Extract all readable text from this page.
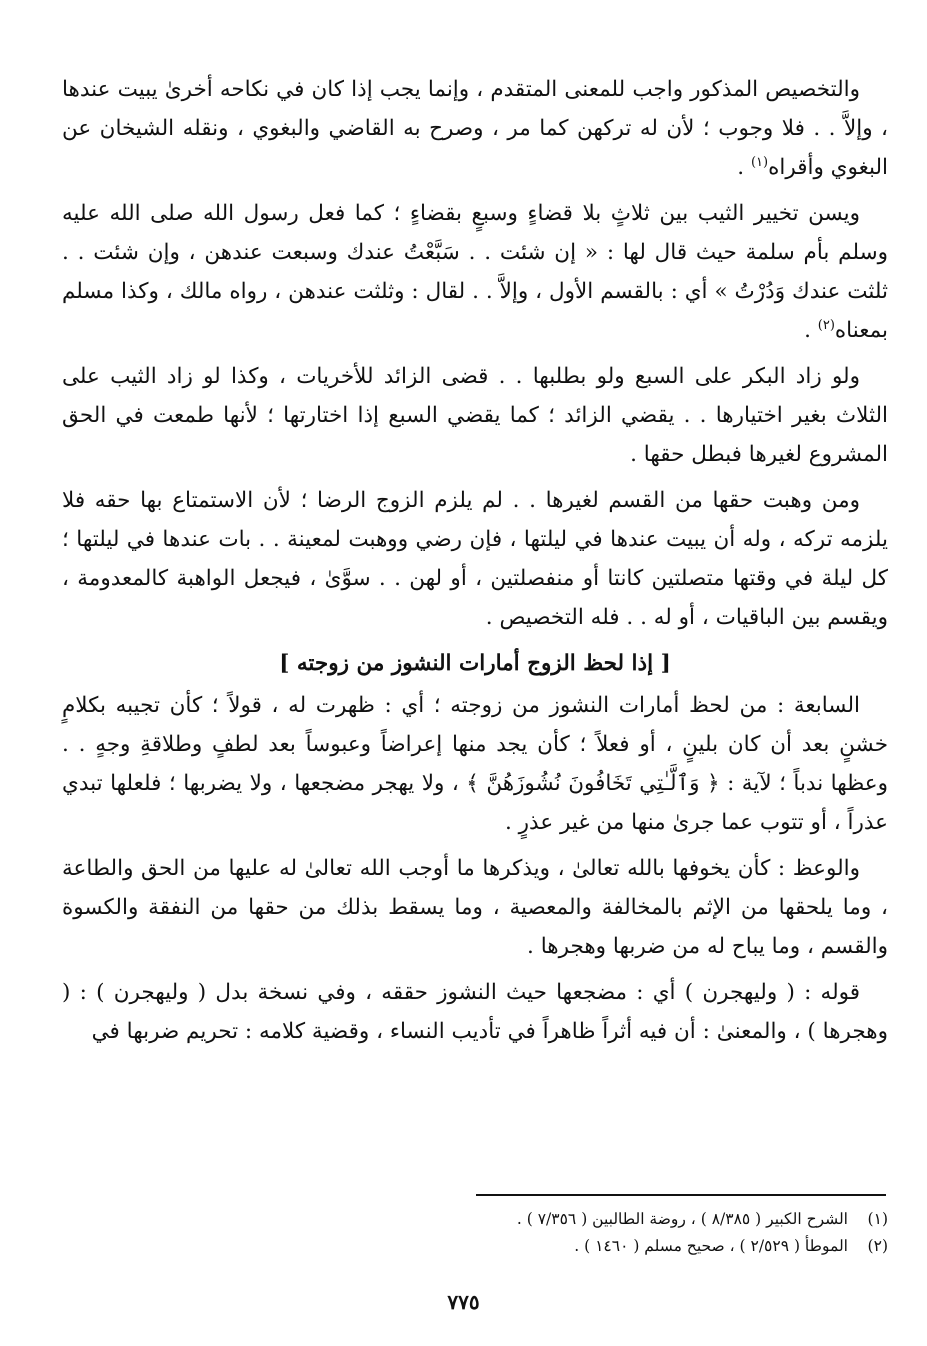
والتخصيص المذكور واجب للمعنى المتقدم ، وإنما يجب إذا كان في نكاحه أخرىٰ يبيت عندها ، وإلاَّ . . فلا وجوب ؛ لأن له تركهن كما مر ، وصرح به القاضي والبغوي ، ونقله الشيخان عن البغوي وأقراه$^{(١)}$ .

ويسن تخيير الثيب بين ثلاثٍ بلا قضاءٍ وسبعٍ بقضاءٍ ؛ كما فعل رسول الله صلى الله عليه وسلم بأم سلمة حيث قال لها : « إن شئت . . سَبَّعْتُ عندك وسبعت عندهن ، وإن شئت . . ثلثت عندك وَدُرْتُ » أي : بالقسم الأول ، وإلاَّ . . لقال : وثلثت عندهن ، رواه مالك ، وكذا مسلم بمعناه$^{(٢)}$ .

ولو زاد البكر على السبع ولو بطلبها . . قضى الزائد للأخريات ، وكذا لو زاد الثيب على الثلاث بغير اختيارها . . يقضي الزائد ؛ كما يقضي السبع إذا اختارتها ؛ لأنها طمعت في الحق المشروع لغيرها فبطل حقها .

ومن وهبت حقها من القسم لغيرها . . لم يلزم الزوج الرضا ؛ لأن الاستمتاع بها حقه فلا يلزمه تركه ، وله أن يبيت عندها في ليلتها ، فإن رضي ووهبت لمعينة . . بات عندها في ليلتها ؛ كل ليلة في وقتها متصلتين كانتا أو منفصلتين ، أو لهن . . سوَّىٰ ، فيجعل الواهبة كالمعدومة ، ويقسم بين الباقيات ، أو له . . فله التخصيص .

[ إذا لحظ الزوج أمارات النشوز من زوجته ]

السابعة : من لحظ أمارات النشوز من زوجته ؛ أي : ظهرت له ، قولاً ؛ كأن تجيبه بكلامٍ خشنٍ بعد أن كان بلينٍ ، أو فعلاً ؛ كأن يجد منها إعراضاً وعبوساً بعد لطفٍ وطلاقةِ وجهٍ . . وعظها ندباً ؛ لآية : ﴿ وَٱلَّـٰتِي تَخَافُونَ نُشُوزَهُنَّ ﴾ ، ولا يهجر مضجعها ، ولا يضربها ؛ فلعلها تبدي عذراً ، أو تتوب عما جرىٰ منها من غير عذرٍ .

والوعظ : كأن يخوفها بالله تعالىٰ ، ويذكرها ما أوجب الله تعالىٰ له عليها من الحق والطاعة ، وما يلحقها من الإثم بالمخالفة والمعصية ، وما يسقط بذلك من حقها من النفقة والكسوة والقسم ، وما يباح له من ضربها وهجرها .

قوله : ( وليهجرن ) أي : مضجعها حيث النشوز حققه ، وفي نسخة بدل ( وليهجرن ) : ( وهجرها ) ، والمعنىٰ : أن فيه أثراً ظاهراً في تأديب النساء ، وقضية كلامه : تحريم ضربها في

(١)
الشرح الكبير ( ٨/٣٨٥ ) ، روضة الطالبين ( ٧/٣٥٦ ) .
(٢)
الموطأ ( ٢/٥٢٩ ) ، صحيح مسلم ( ١٤٦٠ ) .
٧٧٥
